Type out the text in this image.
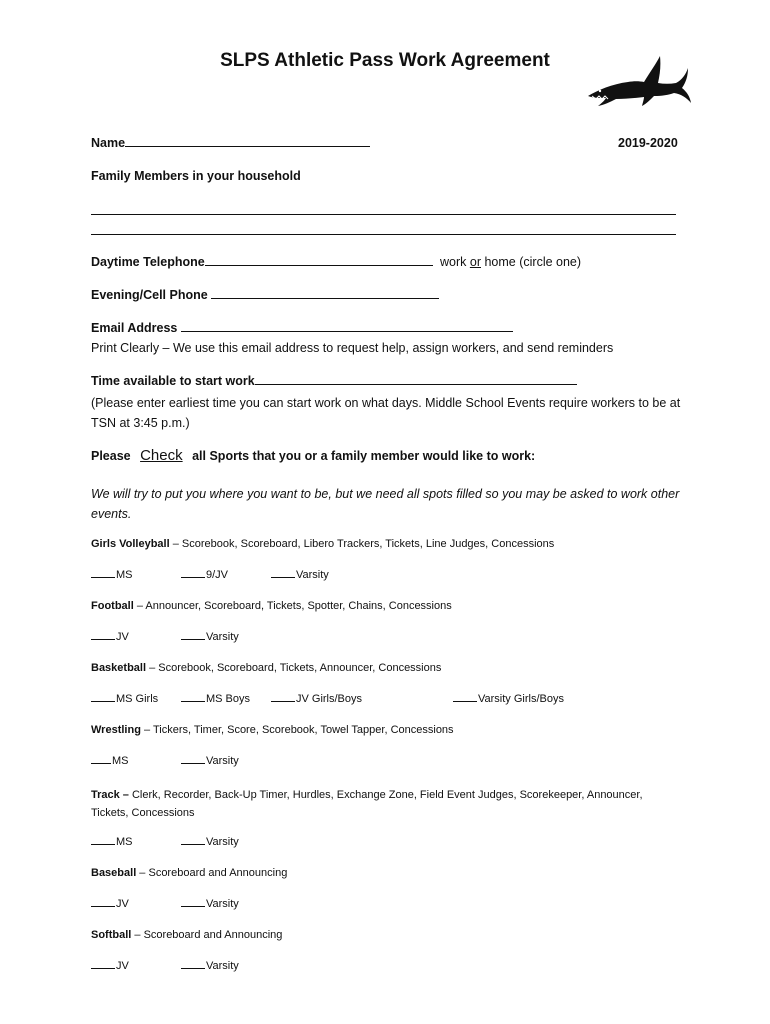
SLPS Athletic Pass Work Agreement
Name	2019-2020
Family Members in your household
Daytime Telephone	work or home (circle one)
Evening/Cell Phone
Email Address
Print Clearly – We use this email address to request help, assign workers, and send reminders
Time available to start work
(Please enter earliest time you can start work on what days. Middle School Events require workers to be at TSN at 3:45 p.m.)
Please Check all Sports that you or a family member would like to work:
We will try to put you where you want to be, but we need all spots filled so you may be asked to work other events.
Girls Volleyball – Scorebook, Scoreboard, Libero Trackers, Tickets, Line Judges, Concessions
MS	9/JV	Varsity
Football – Announcer, Scoreboard, Tickets, Spotter, Chains, Concessions
JV	Varsity
Basketball – Scorebook, Scoreboard, Tickets, Announcer, Concessions
MS Girls	MS Boys	JV Girls/Boys	Varsity Girls/Boys
Wrestling – Tickers, Timer, Score, Scorebook, Towel Tapper, Concessions
MS	Varsity
Track – Clerk, Recorder, Back-Up Timer, Hurdles, Exchange Zone, Field Event Judges, Scorekeeper, Announcer, Tickets, Concessions
MS	Varsity
Baseball – Scoreboard and Announcing
JV	Varsity
Softball – Scoreboard and Announcing
JV	Varsity
